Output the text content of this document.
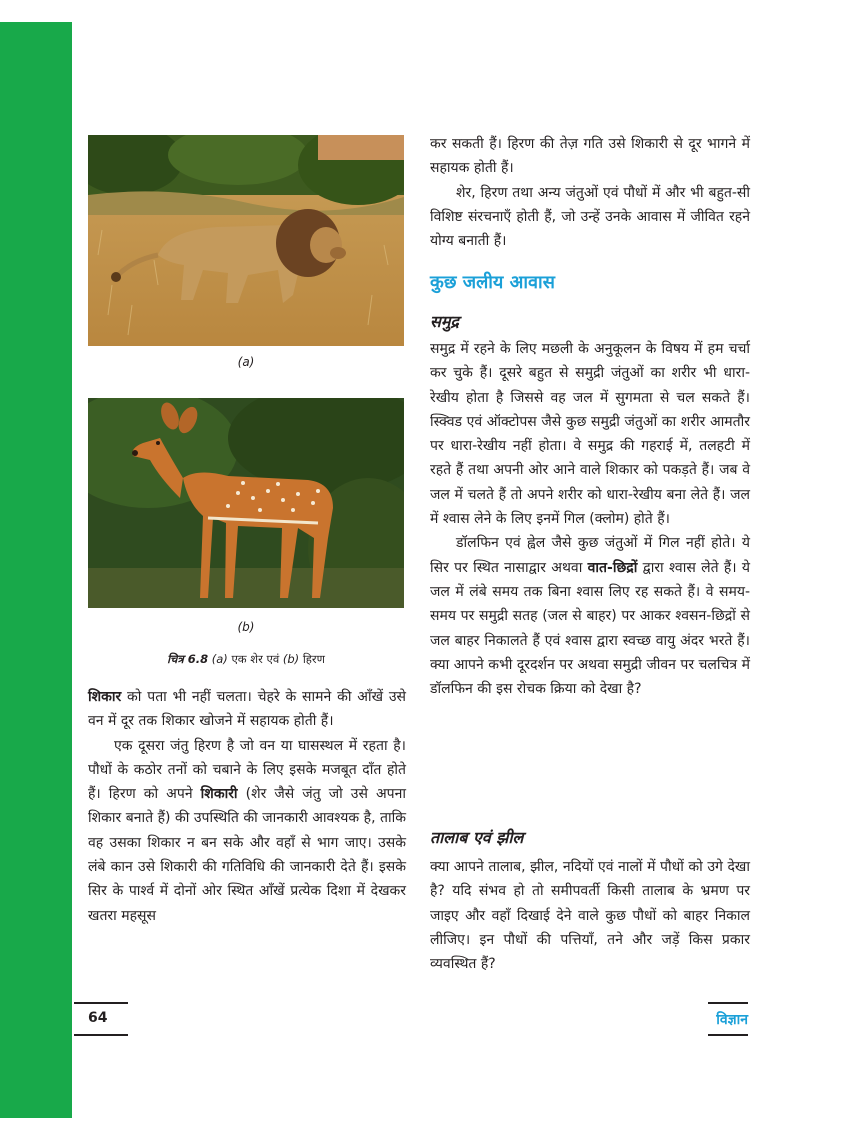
(a)
(b)
चित्र 6.8 (a) एक शेर एवं (b) हिरण

शिकार को पता भी नहीं चलता। चेहरे के सामने की आँखें उसे वन में दूर तक शिकार खोजने में सहायक होती हैं।

एक दूसरा जंतु हिरण है जो वन या घासस्थल में रहता है। पौधों के कठोर तनों को चबाने के लिए इसके मजबूत दाँत होते हैं। हिरण को अपने शिकारी (शेर जैसे जंतु जो उसे अपना शिकार बनाते हैं) की उपस्थिति की जानकारी आवश्यक है, ताकि वह उसका शिकार न बन सके और वहाँ से भाग जाए। उसके लंबे कान उसे शिकारी की गतिविधि की जानकारी देते हैं। इसके सिर के पार्श्व में दोनों ओर स्थित आँखें प्रत्येक दिशा में देखकर खतरा महसूस

कर सकती हैं। हिरण की तेज़ गति उसे शिकारी से दूर भागने में सहायक होती हैं।

शेर, हिरण तथा अन्य जंतुओं एवं पौधों में और भी बहुत-सी विशिष्ट संरचनाएँ होती हैं, जो उन्हें उनके आवास में जीवित रहने योग्य बनाती हैं।

कुछ जलीय आवास
समुद्र

समुद्र में रहने के लिए मछली के अनुकूलन के विषय में हम चर्चा कर चुके हैं। दूसरे बहुत से समुद्री जंतुओं का शरीर भी धारा-रेखीय होता है जिससे वह जल में सुगमता से चल सकते हैं। स्क्विड एवं ऑक्टोपस जैसे कुछ समुद्री जंतुओं का शरीर आमतौर पर धारा-रेखीय नहीं होता। वे समुद्र की गहराई में, तलहटी में रहते हैं तथा अपनी ओर आने वाले शिकार को पकड़ते हैं। जब वे जल में चलते हैं तो अपने शरीर को धारा-रेखीय बना लेते हैं। जल में श्वास लेने के लिए इनमें गिल (क्लोम) होते हैं।

डॉलफिन एवं ह्वेल जैसे कुछ जंतुओं में गिल नहीं होते। ये सिर पर स्थित नासाद्वार अथवा वात-छिद्रों द्वारा श्वास लेते हैं। ये जल में लंबे समय तक बिना श्वास लिए रह सकते हैं। वे समय-समय पर समुद्री सतह (जल से बाहर) पर आकर श्वसन-छिद्रों से जल बाहर निकालते हैं एवं श्वास द्वारा स्वच्छ वायु अंदर भरते हैं। क्या आपने कभी दूरदर्शन पर अथवा समुद्री जीवन पर चलचित्र में डॉलफिन की इस रोचक क्रिया को देखा है?

तालाब एवं झील

क्या आपने तालाब, झील, नदियों एवं नालों में पौधों को उगे देखा है? यदि संभव हो तो समीपवर्ती किसी तालाब के भ्रमण पर जाइए और वहाँ दिखाई देने वाले कुछ पौधों को बाहर निकाल लीजिए। इन पौधों की पत्तियाँ, तने और जड़ें किस प्रकार व्यवस्थित हैं?

64	विज्ञान
